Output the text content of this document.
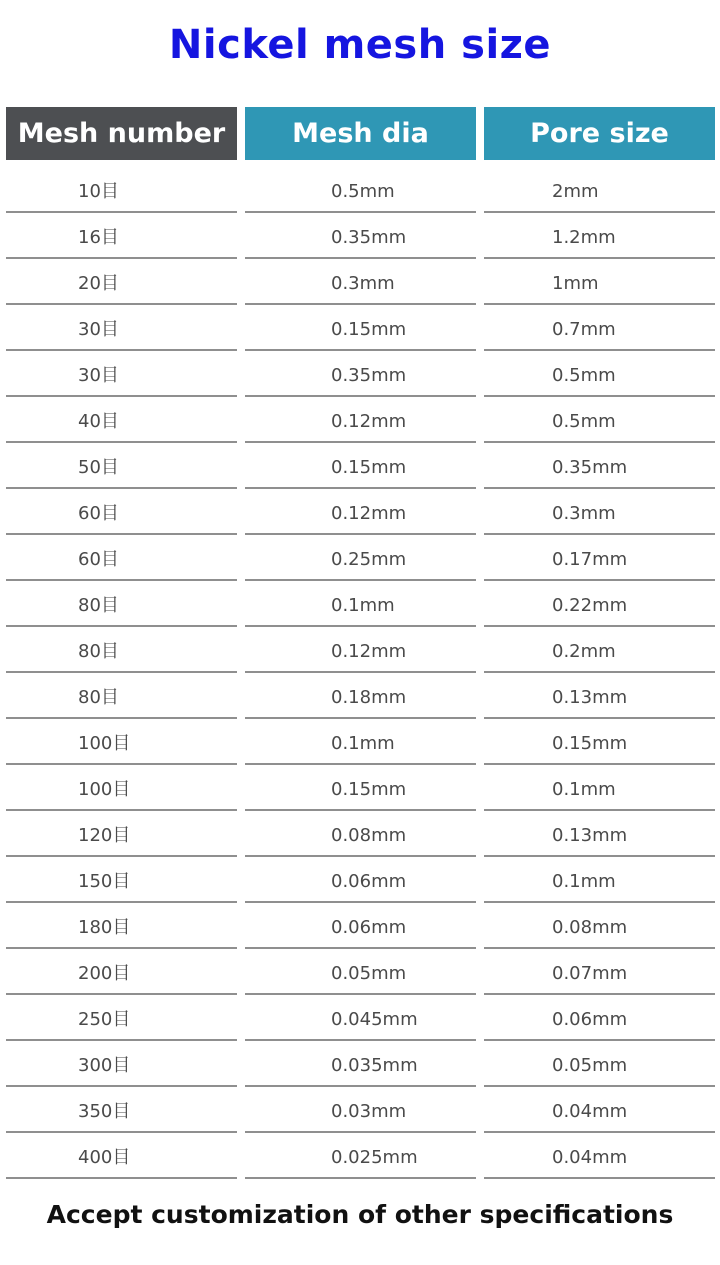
Nickel mesh size
Mesh number	Mesh dia	Pore size
10目	0.5mm	2mm
16目	0.35mm	1.2mm
20目	0.3mm	1mm
30目	0.15mm	0.7mm
30目	0.35mm	0.5mm
40目	0.12mm	0.5mm
50目	0.15mm	0.35mm
60目	0.12mm	0.3mm
60目	0.25mm	0.17mm
80目	0.1mm	0.22mm
80目	0.12mm	0.2mm
80目	0.18mm	0.13mm
100目	0.1mm	0.15mm
100目	0.15mm	0.1mm
120目	0.08mm	0.13mm
150目	0.06mm	0.1mm
180目	0.06mm	0.08mm
200目	0.05mm	0.07mm
250目	0.045mm	0.06mm
300目	0.035mm	0.05mm
350目	0.03mm	0.04mm
400目	0.025mm	0.04mm
Accept customization of other specifications
